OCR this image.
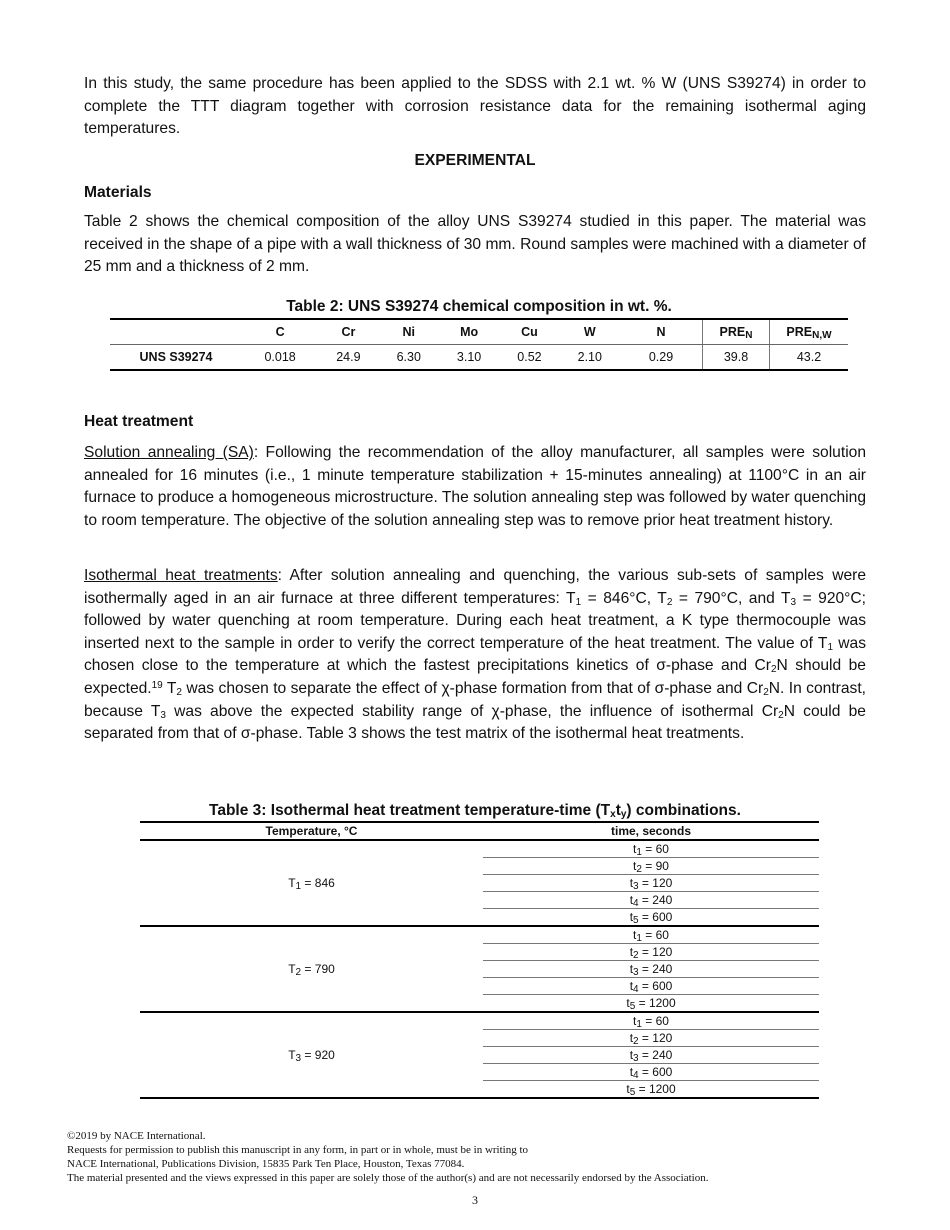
In this study, the same procedure has been applied to the SDSS with 2.1 wt. % W (UNS S39274) in order to complete the TTT diagram together with corrosion resistance data for the remaining isothermal aging temperatures.
EXPERIMENTAL
Materials
Table 2 shows the chemical composition of the alloy UNS S39274 studied in this paper. The material was received in the shape of a pipe with a wall thickness of 30 mm. Round samples were machined with a diameter of 25 mm and a thickness of 2 mm.
Table 2: UNS S39274 chemical composition in wt. %.
	C	Cr	Ni	Mo	Cu	W	N	$PRE_N$	$PRE_{N,W}$
UNS S39274	0.018	24.9	6.30	3.10	0.52	2.10	0.29	39.8	43.2
Heat treatment
Solution annealing (SA): Following the recommendation of the alloy manufacturer, all samples were solution annealed for 16 minutes (i.e., 1 minute temperature stabilization + 15-minutes annealing) at 1100°C in an air furnace to produce a homogeneous microstructure. The solution annealing step was followed by water quenching to room temperature. The objective of the solution annealing step was to remove prior heat treatment history.
Isothermal heat treatments: After solution annealing and quenching, the various sub-sets of samples were isothermally aged in an air furnace at three different temperatures: $T_1 = 846^\circ C$, $T_2 = 790^\circ C$, and $T_3 = 920^\circ C$; followed by water quenching at room temperature. During each heat treatment, a K type thermocouple was inserted next to the sample in order to verify the correct temperature of the heat treatment. The value of $T_1$ was chosen close to the temperature at which the fastest precipitations kinetics of σ-phase and $Cr_2N$ should be expected.$^{19}$ $T_2$ was chosen to separate the effect of χ-phase formation from that of σ-phase and $Cr_2N$. In contrast, because $T_3$ was above the expected stability range of χ-phase, the influence of isothermal $Cr_2N$ could be separated from that of σ-phase. Table 3 shows the test matrix of the isothermal heat treatments.
Table 3: Isothermal heat treatment temperature-time $(T_xt_y)$ combinations.
Temperature, °C	time, seconds
$T_1 = 846$	$t_1 = 60$
	$t_2 = 90$
	$t_3 = 120$
	$t_4 = 240$
	$t_5 = 600$
$T_2 = 790$	$t_1 = 60$
	$t_2 = 120$
	$t_3 = 240$
	$t_4 = 600$
	$t_5 = 1200$
$T_3 = 920$	$t_1 = 60$
	$t_2 = 120$
	$t_3 = 240$
	$t_4 = 600$
	$t_5 = 1200$
©2019 by NACE International.
Requests for permission to publish this manuscript in any form, in part or in whole, must be in writing to
NACE International, Publications Division, 15835 Park Ten Place, Houston, Texas 77084.
The material presented and the views expressed in this paper are solely those of the author(s) and are not necessarily endorsed by the Association.
3
